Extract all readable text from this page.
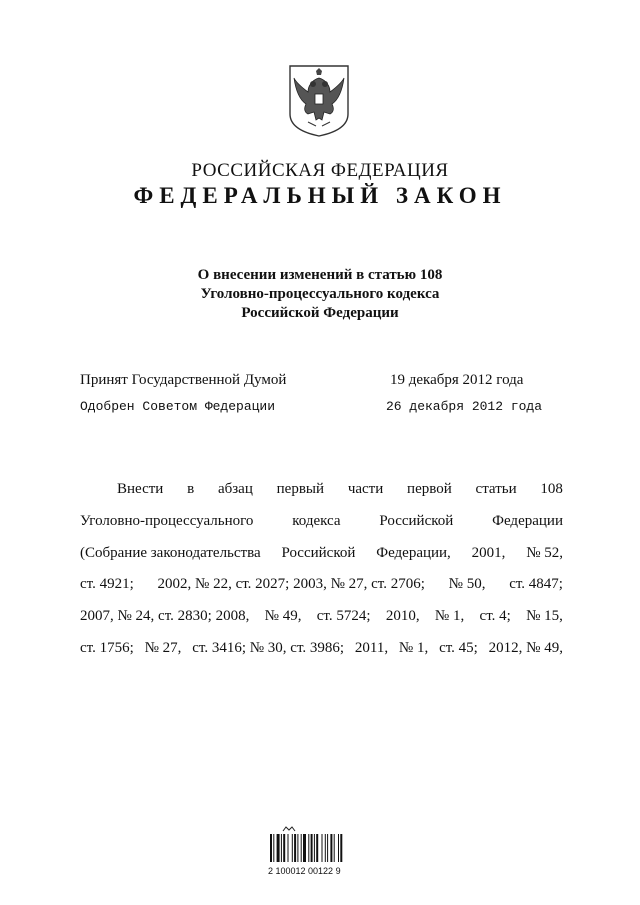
РОССИЙСКАЯ ФЕДЕРАЦИЯ
ФЕДЕРАЛЬНЫЙ ЗАКОН
О внесении изменений в статью 108
Уголовно-процессуального кодекса
Российской Федерации
Принят Государственной Думой	19 декабря 2012 года
Одобрен Советом Федерации	26 декабря 2012 года
Внести в абзац первый части первой статьи 108
Уголовно-процессуального	кодекса	Российской	Федерации
(Собрание законодательства Российской Федерации, 2001, № 52,
ст. 4921; 2002, № 22, ст. 2027; 2003, № 27, ст. 2706; № 50, ст. 4847;
2007, № 24, ст. 2830; 2008, № 49, ст. 5724; 2010, № 1, ст. 4; № 15,
ст. 1756; № 27, ст. 3416; № 30, ст. 3986; 2011, № 1, ст. 45; 2012, № 49,
2 100012 00122 9
